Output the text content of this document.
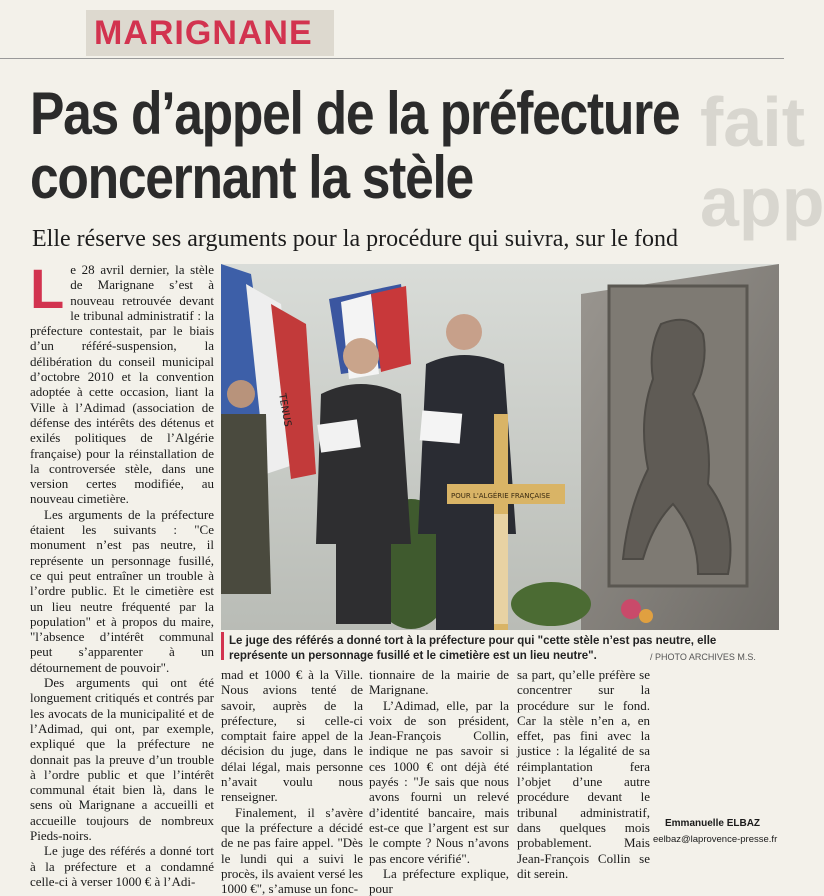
MARIGNANE
fait app
Pas d’appel de la préfecture
concernant la stèle
Elle réserve ses arguments pour la procédure qui suivra, sur le fond

Le 28 avril dernier, la stèle de Marignane s’est à nouveau retrouvée devant le tribunal administratif : la préfecture contestait, par le biais d’un référé-suspension, la délibération du conseil municipal d’octobre 2010 et la convention adoptée à cette occasion, liant la Ville à l’Adimad (association de défense des intérêts des détenus et exilés politiques de l’Algérie française) pour la réinstallation de la controversée stèle, dans une version certes modifiée, au nouveau cimetière.

Les arguments de la préfecture étaient les suivants : "Ce monument n’est pas neutre, il représente un personnage fusillé, ce qui peut entraîner un trouble à l’ordre public. Et le cimetière est un lieu neutre fréquenté par la population" et à propos du maire, "l’absence d’intérêt communal peut s’apparenter à un détournement de pouvoir".

Des arguments qui ont été longuement critiqués et contrés par les avocats de la municipalité et de l’Adimad, qui ont, par exemple, expliqué que la préfecture ne donnait pas la preuve d’un trouble à l’ordre public et que l’intérêt communal était bien là, dans le sens où Marignane a accueilli et accueille toujours de nombreux Pieds-noirs.

Le juge des référés a donné tort à la préfecture et a condamné celle-ci à verser 1000 € à l’Adi-

TENUS
POUR L'ALGÉRIE FRANÇAISE
Le juge des référés a donné tort à la préfecture pour qui "cette stèle n’est pas neutre, elle représente un personnage fusillé et le cimetière est un lieu neutre".	/ PHOTO ARCHIVES M.S.

mad et 1000 € à la Ville. Nous avions tenté de savoir, auprès de la préfecture, si celle-ci comptait faire appel de la décision du juge, dans le délai légal, mais personne n’avait voulu nous renseigner.

Finalement, il s’avère que la préfecture a décidé de ne pas faire appel. "Dès le lundi qui a suivi le procès, ils avaient versé les 1000 €", s’amuse un fonc-

tionnaire de la mairie de Marignane.

L’Adimad, elle, par la voix de son président, Jean-François Collin, indique ne pas savoir si ces 1000 € ont déjà été payés : "Je sais que nous avons fourni un relevé d’identité bancaire, mais est-ce que l’argent est sur le compte ? Nous n’avons pas encore vérifié".

La préfecture explique, pour

sa part, qu’elle préfère se concentrer sur la procédure sur le fond. Car la stèle n’en a, en effet, pas fini avec la justice : la légalité de sa réimplantation fera l’objet d’une autre procédure devant le tribunal administratif, dans quelques mois probablement. Mais Jean-François Collin se dit serein.

Emmanuelle ELBAZ
eelbaz@laprovence-presse.fr
